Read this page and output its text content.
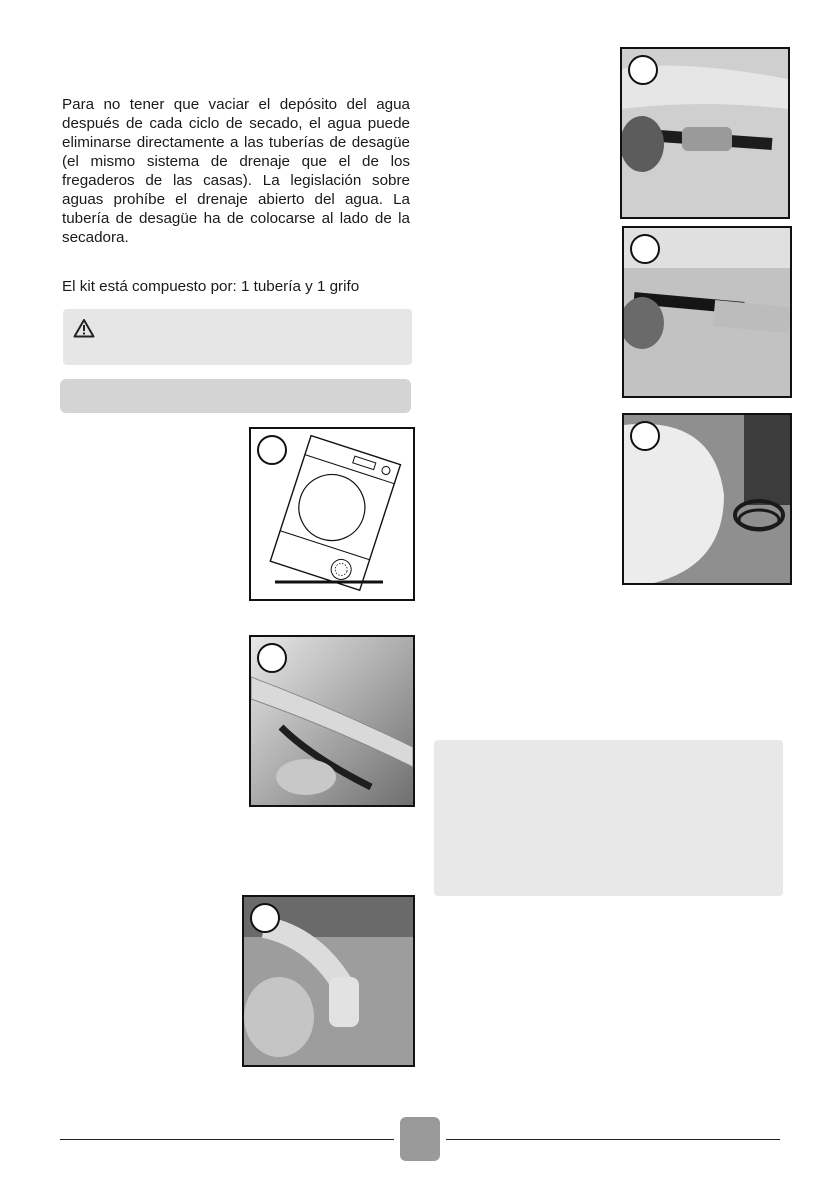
Para no tener que vaciar el depósito del agua después de cada ciclo de secado, el agua puede eliminarse directamente a las tuberías de desagüe (el mismo sistema de drenaje que el de los fregaderos de las casas). La legislación sobre aguas prohíbe el drenaje abierto del agua. La tubería de desagüe ha de colocarse al lado de la secadora.

El kit está compuesto por: 1 tubería y 1 grifo
